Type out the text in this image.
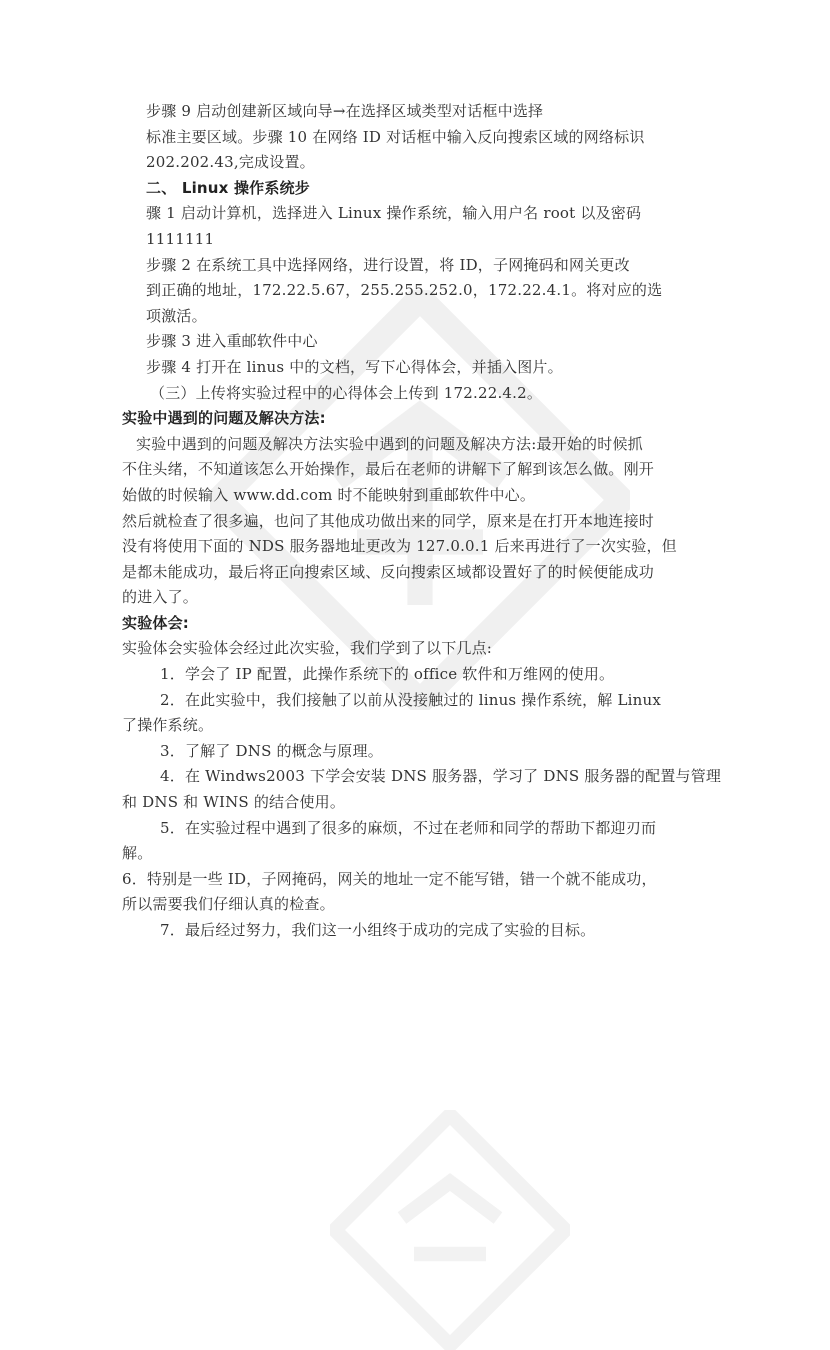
步骤 9 启动创建新区域向导→在选择区域类型对话框中选择
标准主要区域。步骤 10 在网络 ID 对话框中输入反向搜索区域的网络标识
202.202.43,完成设置。
二、 Linux 操作系统步
骤 1 启动计算机，选择进入 Linux 操作系统，输入用户名 root 以及密码
1111111
步骤 2 在系统工具中选择网络，进行设置，将 ID，子网掩码和网关更改
到正确的地址，172.22.5.67，255.255.252.0，172.22.4.1。将对应的选
项激活。
步骤 3 进入重邮软件中心
步骤 4 打开在 linus 中的文档，写下心得体会，并插入图片。
（三）上传将实验过程中的心得体会上传到 172.22.4.2。
实验中遇到的问题及解决方法:
实验中遇到的问题及解决方法实验中遇到的问题及解决方法:最开始的时候抓
不住头绪，不知道该怎么开始操作，最后在老师的讲解下了解到该怎么做。刚开
始做的时候输入 www.dd.com 时不能映射到重邮软件中心。
然后就检查了很多遍，也问了其他成功做出来的同学，原来是在打开本地连接时
没有将使用下面的 NDS 服务器地址更改为 127.0.0.1 后来再进行了一次实验，但
是都未能成功，最后将正向搜索区域、反向搜索区域都设置好了的时候便能成功
的进入了。
实验体会:
实验体会实验体会经过此次实验，我们学到了以下几点:
1．学会了 IP 配置，此操作系统下的 office 软件和万维网的使用。
2．在此实验中，我们接触了以前从没接触过的 linus 操作系统，解 Linux
了操作系统。
3．了解了 DNS 的概念与原理。
4．在 Windws2003 下学会安装 DNS 服务器，学习了 DNS 服务器的配置与管理
和 DNS 和 WINS 的结合使用。
5．在实验过程中遇到了很多的麻烦，不过在老师和同学的帮助下都迎刃而
解。
6．特别是一些 ID，子网掩码，网关的地址一定不能写错，错一个就不能成功，
所以需要我们仔细认真的检查。
7．最后经过努力，我们这一小组终于成功的完成了实验的目标。
